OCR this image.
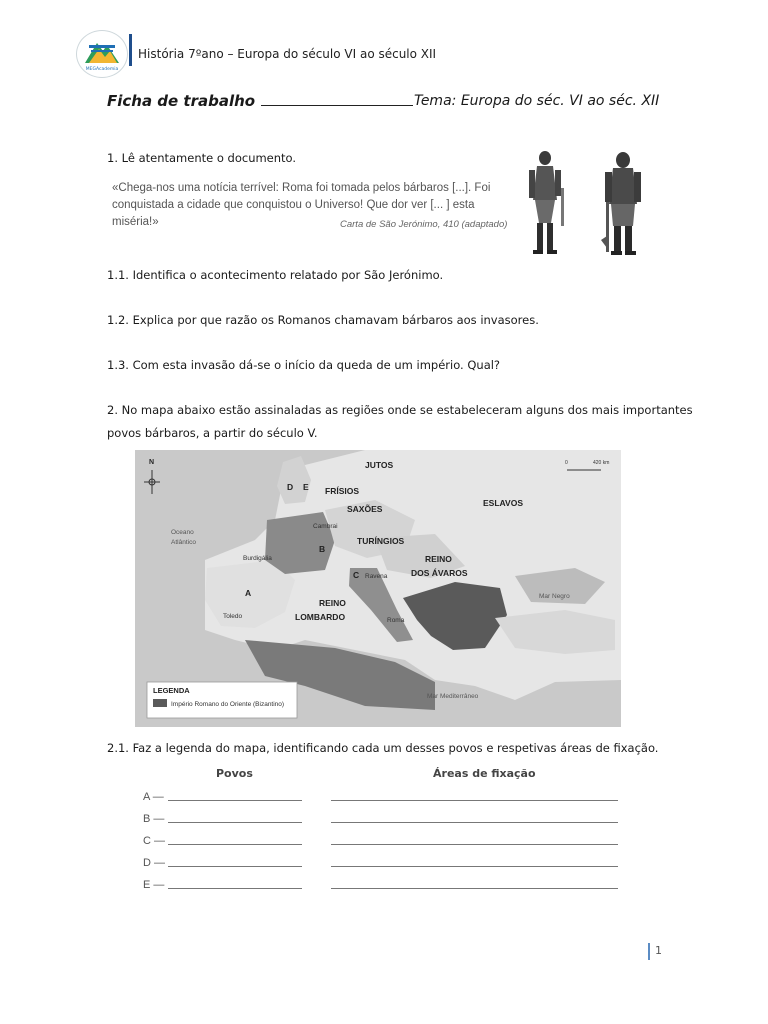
MEGAcademia
História 7ºano – Europa do século VI ao século XII
Ficha de trabalho	Tema: Europa do séc. VI ao séc. XII
1. Lê atentamente o documento.
«Chega-nos uma notícia terrível: Roma foi tomada pelos bárbaros [...]. Foi conquistada a cidade que conquistou o Universo! Que dor ver [... ] esta miséria!»	Carta de São Jerónimo, 410 (adaptado)
1.1. Identifica o acontecimento relatado por São Jerónimo.
1.2. Explica por que razão os Romanos chamavam bárbaros aos invasores.
1.3. Com esta invasão dá-se o início da queda de um império. Qual?
2. No mapa abaixo estão assinaladas as regiões onde se estabeleceram alguns dos mais importantes
povos bárbaros, a partir do século V.
LEGENDA
Império Romano do Oriente (Bizantino)
N	0	420 km
JUTOS
FRÍSIOS
SAXÕES
ESLAVOS
TURÍNGIOS
REINO
DOS ÁVAROS
REINO
LOMBARDO
D E
B
C
A
Cambrai
Burdigália
Toledo
Ravena
Roma
Oceano
Atlântico
Mar Negro
Mar Mediterrâneo
2.1. Faz a legenda do mapa, identificando cada um desses povos e respetivas áreas de fixação.
Povos	Áreas de fixação
A —
B —
C —
D —
E —
1
